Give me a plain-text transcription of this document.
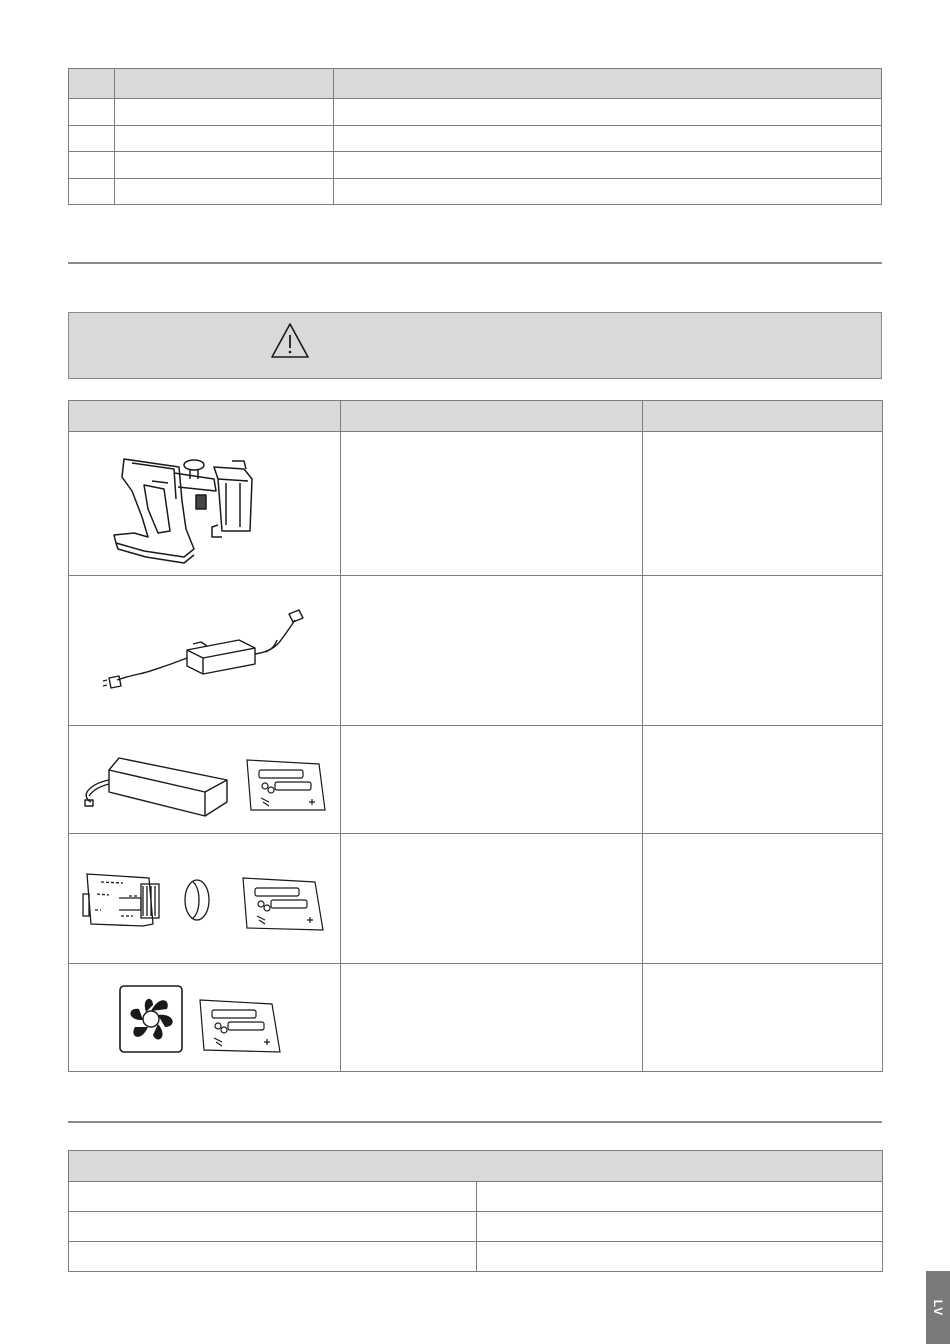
LV
